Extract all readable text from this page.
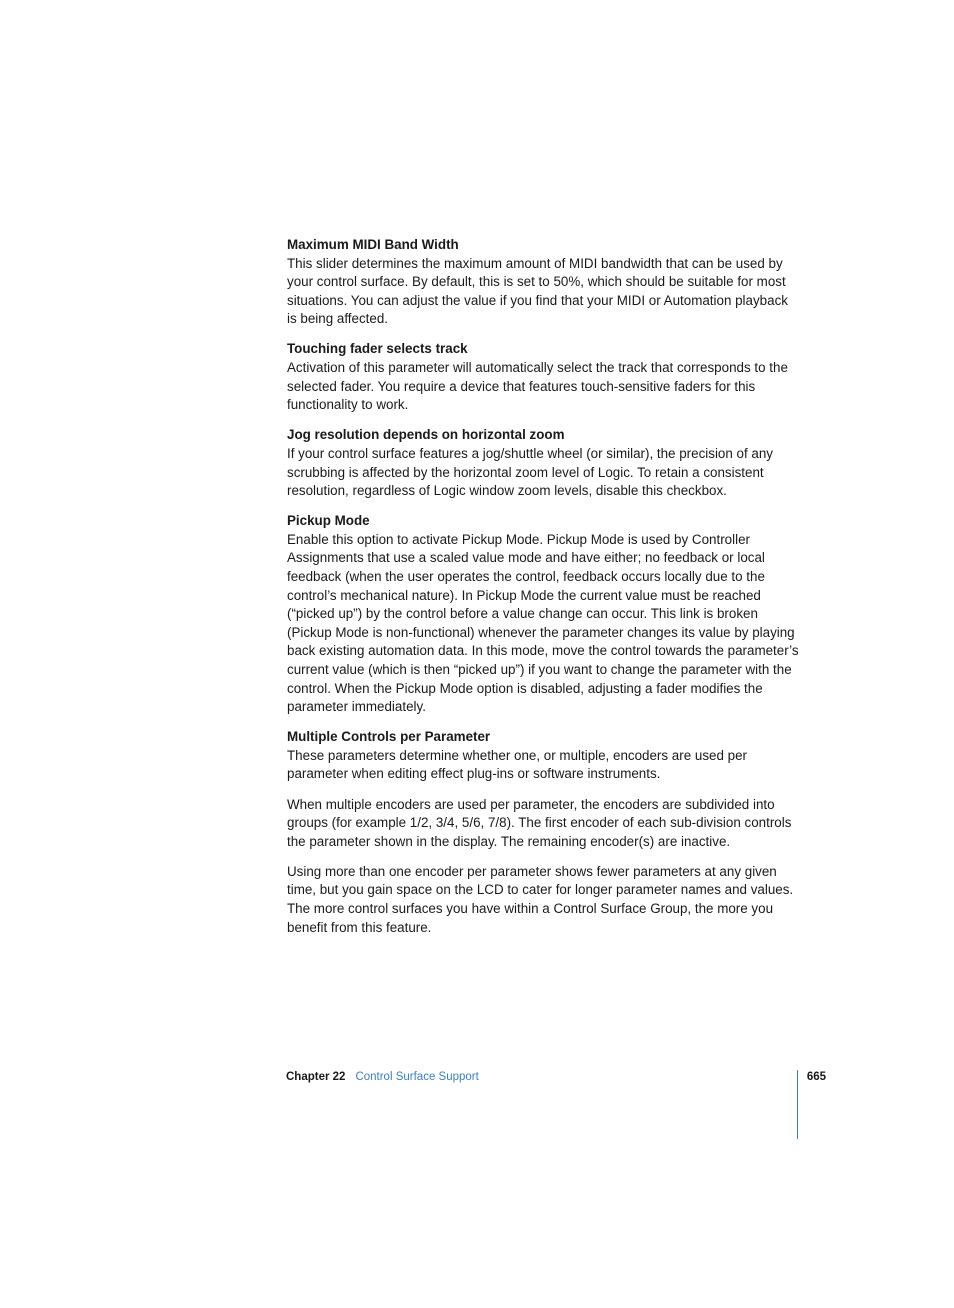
Maximum MIDI Band Width

This slider determines the maximum amount of MIDI bandwidth that can be used by your control surface. By default, this is set to 50%, which should be suitable for most situations. You can adjust the value if you find that your MIDI or Automation playback is being affected.

Touching fader selects track

Activation of this parameter will automatically select the track that corresponds to the selected fader. You require a device that features touch-sensitive faders for this functionality to work.

Jog resolution depends on horizontal zoom

If your control surface features a jog/shuttle wheel (or similar), the precision of any scrubbing is affected by the horizontal zoom level of Logic. To retain a consistent resolution, regardless of Logic window zoom levels, disable this checkbox.

Pickup Mode

Enable this option to activate Pickup Mode. Pickup Mode is used by Controller Assignments that use a scaled value mode and have either; no feedback or local feedback (when the user operates the control, feedback occurs locally due to the control’s mechanical nature). In Pickup Mode the current value must be reached (“picked up”) by the control before a value change can occur. This link is broken (Pickup Mode is non-functional) whenever the parameter changes its value by playing back existing automation data. In this mode, move the control towards the parameter’s current value (which is then “picked up”) if you want to change the parameter with the control. When the Pickup Mode option is disabled, adjusting a fader modifies the parameter immediately.

Multiple Controls per Parameter

These parameters determine whether one, or multiple, encoders are used per parameter when editing effect plug-ins or software instruments.

When multiple encoders are used per parameter, the encoders are subdivided into groups (for example 1/2, 3/4, 5/6, 7/8). The first encoder of each sub-division controls the parameter shown in the display. The remaining encoder(s) are inactive.

Using more than one encoder per parameter shows fewer parameters at any given time, but you gain space on the LCD to cater for longer parameter names and values. The more control surfaces you have within a Control Surface Group, the more you benefit from this feature.

Chapter 22 Control Surface Support	665
